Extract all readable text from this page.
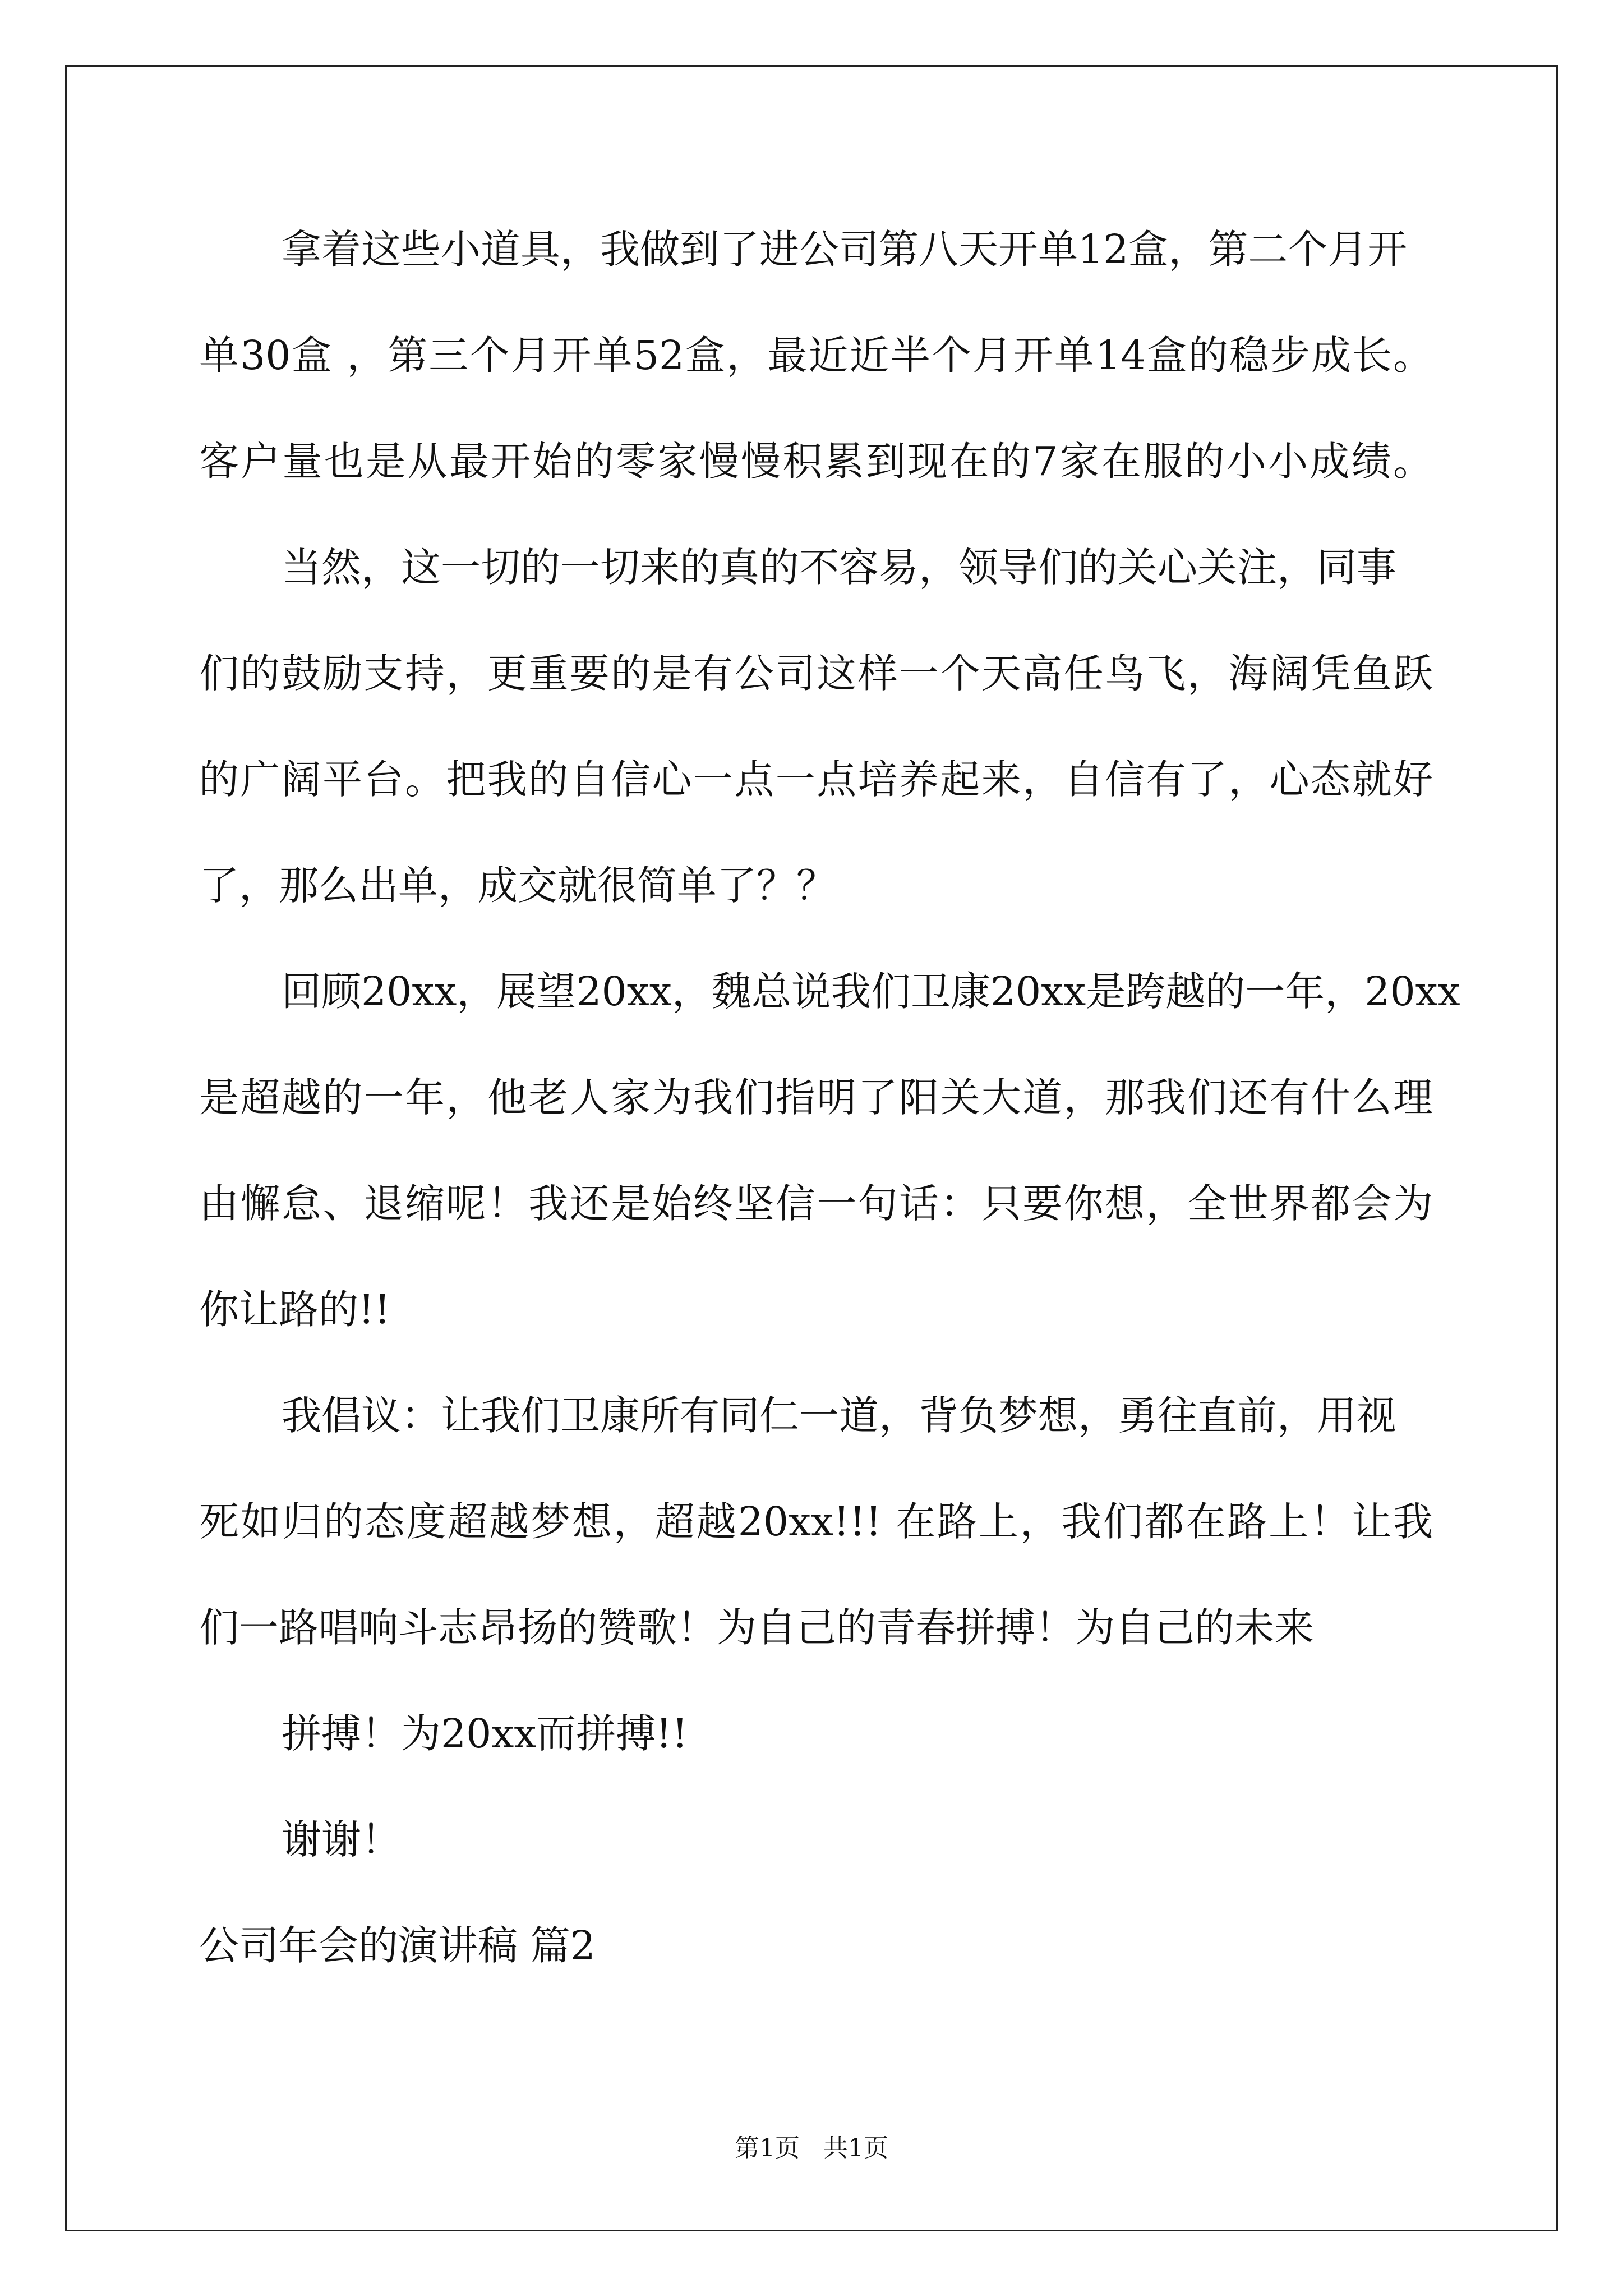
拿着这些小道具，我做到了进公司第八天开单12盒，第二个月开
单30盒 ，第三个月开单52盒，最近近半个月开单14盒的稳步成长。
客户量也是从最开始的零家慢慢积累到现在的7家在服的小小成绩。
当然，这一切的一切来的真的不容易，领导们的关心关注，同事
们的鼓励支持，更重要的是有公司这样一个天高任鸟飞，海阔凭鱼跃
的广阔平台。把我的自信心一点一点培养起来，自信有了，心态就好
了，那么出单，成交就很简单了？？
回顾20xx，展望20xx，魏总说我们卫康20xx是跨越的一年，20xx
是超越的一年，他老人家为我们指明了阳关大道，那我们还有什么理
由懈怠、退缩呢！我还是始终坚信一句话：只要你想，全世界都会为
你让路的!!
我倡议：让我们卫康所有同仁一道，背负梦想，勇往直前，用视
死如归的态度超越梦想，超越20xx!!! 在路上，我们都在路上！让我
们一路唱响斗志昂扬的赞歌！为自己的青春拼搏！为自己的未来
拼搏！为20xx而拼搏!!
谢谢！
公司年会的演讲稿 篇2
第1页   共1页
